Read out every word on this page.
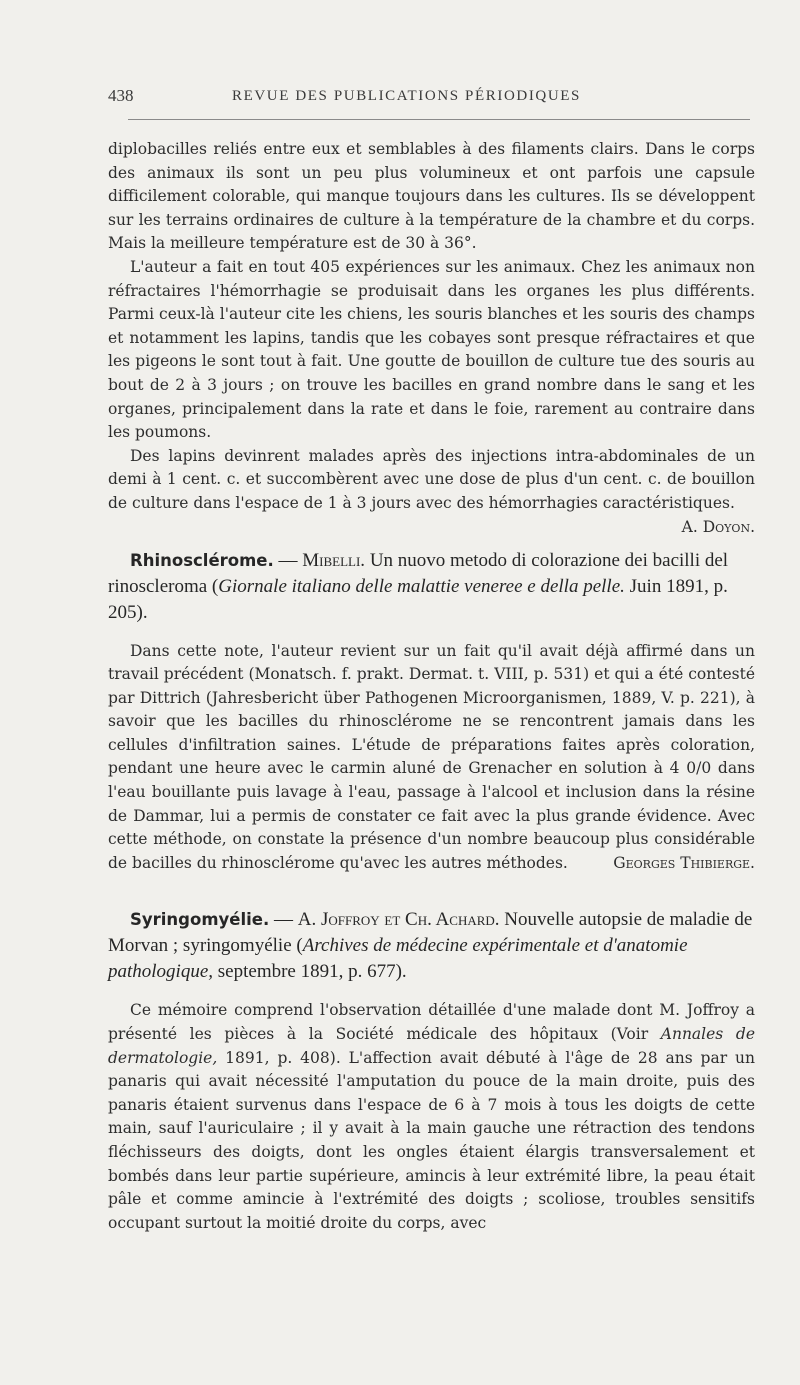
438	REVUE DES PUBLICATIONS PÉRIODIQUES

diplobacilles reliés entre eux et semblables à des filaments clairs. Dans le corps des animaux ils sont un peu plus volumineux et ont parfois une capsule difficilement colorable, qui manque toujours dans les cultures. Ils se développent sur les terrains ordinaires de culture à la température de la chambre et du corps. Mais la meilleure température est de 30 à 36°.

L'auteur a fait en tout 405 expériences sur les animaux. Chez les animaux non réfractaires l'hémorrhagie se produisait dans les organes les plus différents. Parmi ceux-là l'auteur cite les chiens, les souris blanches et les souris des champs et notamment les lapins, tandis que les cobayes sont presque réfractaires et que les pigeons le sont tout à fait. Une goutte de bouillon de culture tue des souris au bout de 2 à 3 jours ; on trouve les bacilles en grand nombre dans le sang et les organes, principalement dans la rate et dans le foie, rarement au contraire dans les poumons.

Des lapins devinrent malades après des injections intra-abdominales de un demi à 1 cent. c. et succombèrent avec une dose de plus d'un cent. c. de bouillon de culture dans l'espace de 1 à 3 jours avec des hémorrhagies caractéristiques.
A. Doyon.

Rhinosclérome. — Mibelli. Un nuovo metodo di colorazione dei bacilli del rinoscleroma (Giornale italiano delle malattie veneree e della pelle. Juin 1891, p. 205).

Dans cette note, l'auteur revient sur un fait qu'il avait déjà affirmé dans un travail précédent (Monatsch. f. prakt. Dermat. t. VIII, p. 531) et qui a été contesté par Dittrich (Jahresbericht über Pathogenen Microorganismen, 1889, V. p. 221), à savoir que les bacilles du rhinosclérome ne se rencontrent jamais dans les cellules d'infiltration saines. L'étude de préparations faites après coloration, pendant une heure avec le carmin aluné de Grenacher en solution à 4 0/0 dans l'eau bouillante puis lavage à l'eau, passage à l'alcool et inclusion dans la résine de Dammar, lui a permis de constater ce fait avec la plus grande évidence. Avec cette méthode, on constate la présence d'un nombre beaucoup plus considérable de bacilles du rhinosclérome qu'avec les autres méthodes.	Georges Thibierge.

Syringomyélie. — A. Joffroy et Ch. Achard. Nouvelle autopsie de maladie de Morvan ; syringomyélie (Archives de médecine expérimentale et d'anatomie pathologique, septembre 1891, p. 677).

Ce mémoire comprend l'observation détaillée d'une malade dont M. Joffroy a présenté les pièces à la Société médicale des hôpitaux (Voir Annales de dermatologie, 1891, p. 408). L'affection avait débuté à l'âge de 28 ans par un panaris qui avait nécessité l'amputation du pouce de la main droite, puis des panaris étaient survenus dans l'espace de 6 à 7 mois à tous les doigts de cette main, sauf l'auriculaire ; il y avait à la main gauche une rétraction des tendons fléchisseurs des doigts, dont les ongles étaient élargis transversalement et bombés dans leur partie supérieure, amincis à leur extrémité libre, la peau était pâle et comme amincie à l'extrémité des doigts ; scoliose, troubles sensitifs occupant surtout la moitié droite du corps, avec
